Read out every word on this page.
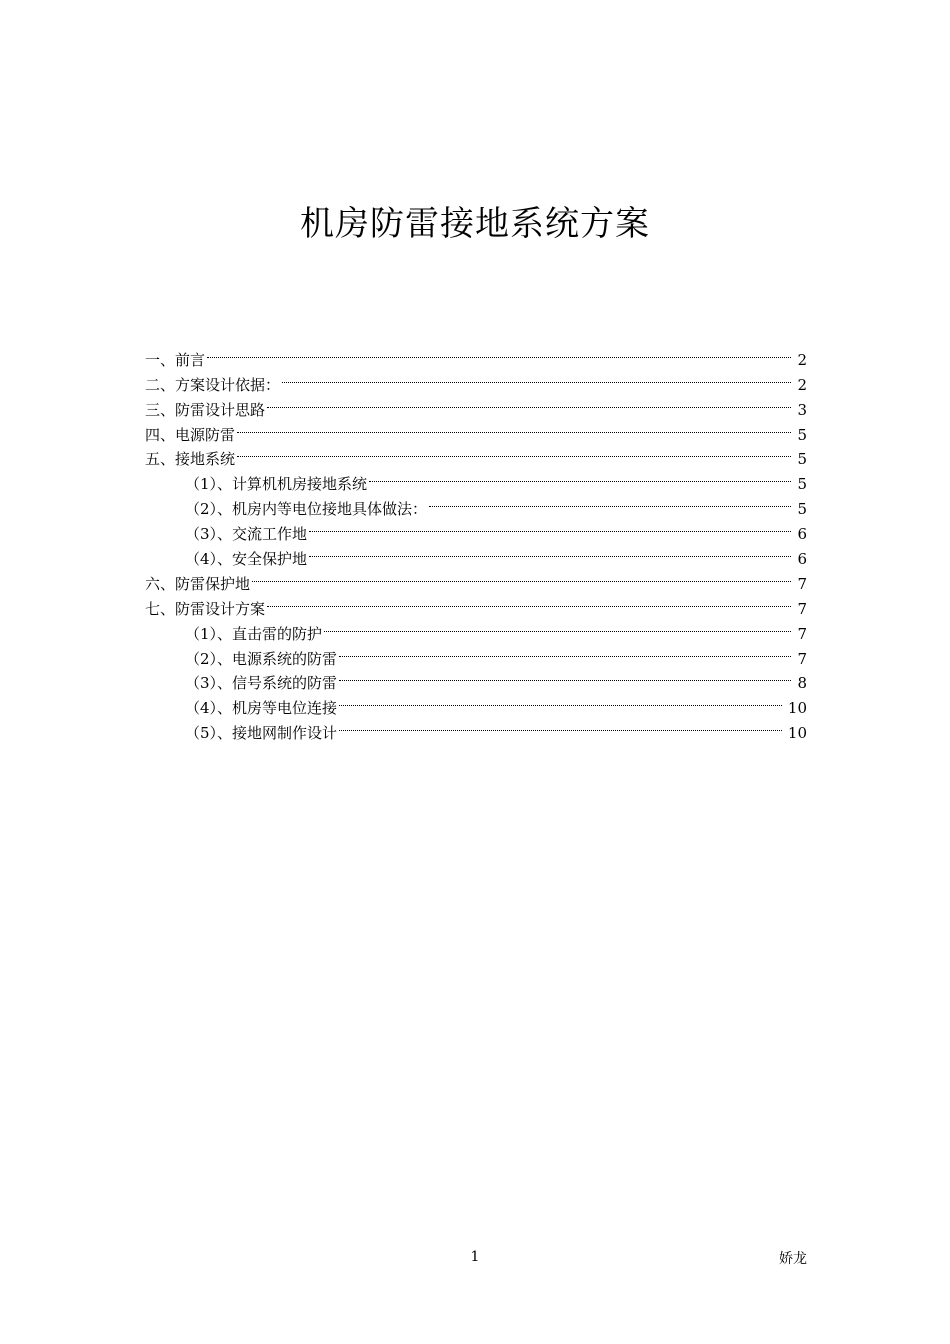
机房防雷接地系统方案
一、前言	2
二、方案设计依据：	2
三、防雷设计思路	3
四、电源防雷	5
五、接地系统	5
（1）、计算机机房接地系统	5
（2）、机房内等电位接地具体做法：	5
（3）、交流工作地	6
（4）、安全保护地	6
六、防雷保护地	7
七、防雷设计方案	7
（1）、直击雷的防护	7
（2）、电源系统的防雷	7
（3）、信号系统的防雷	8
（4）、机房等电位连接	10
（5）、接地网制作设计	10
1	娇龙
